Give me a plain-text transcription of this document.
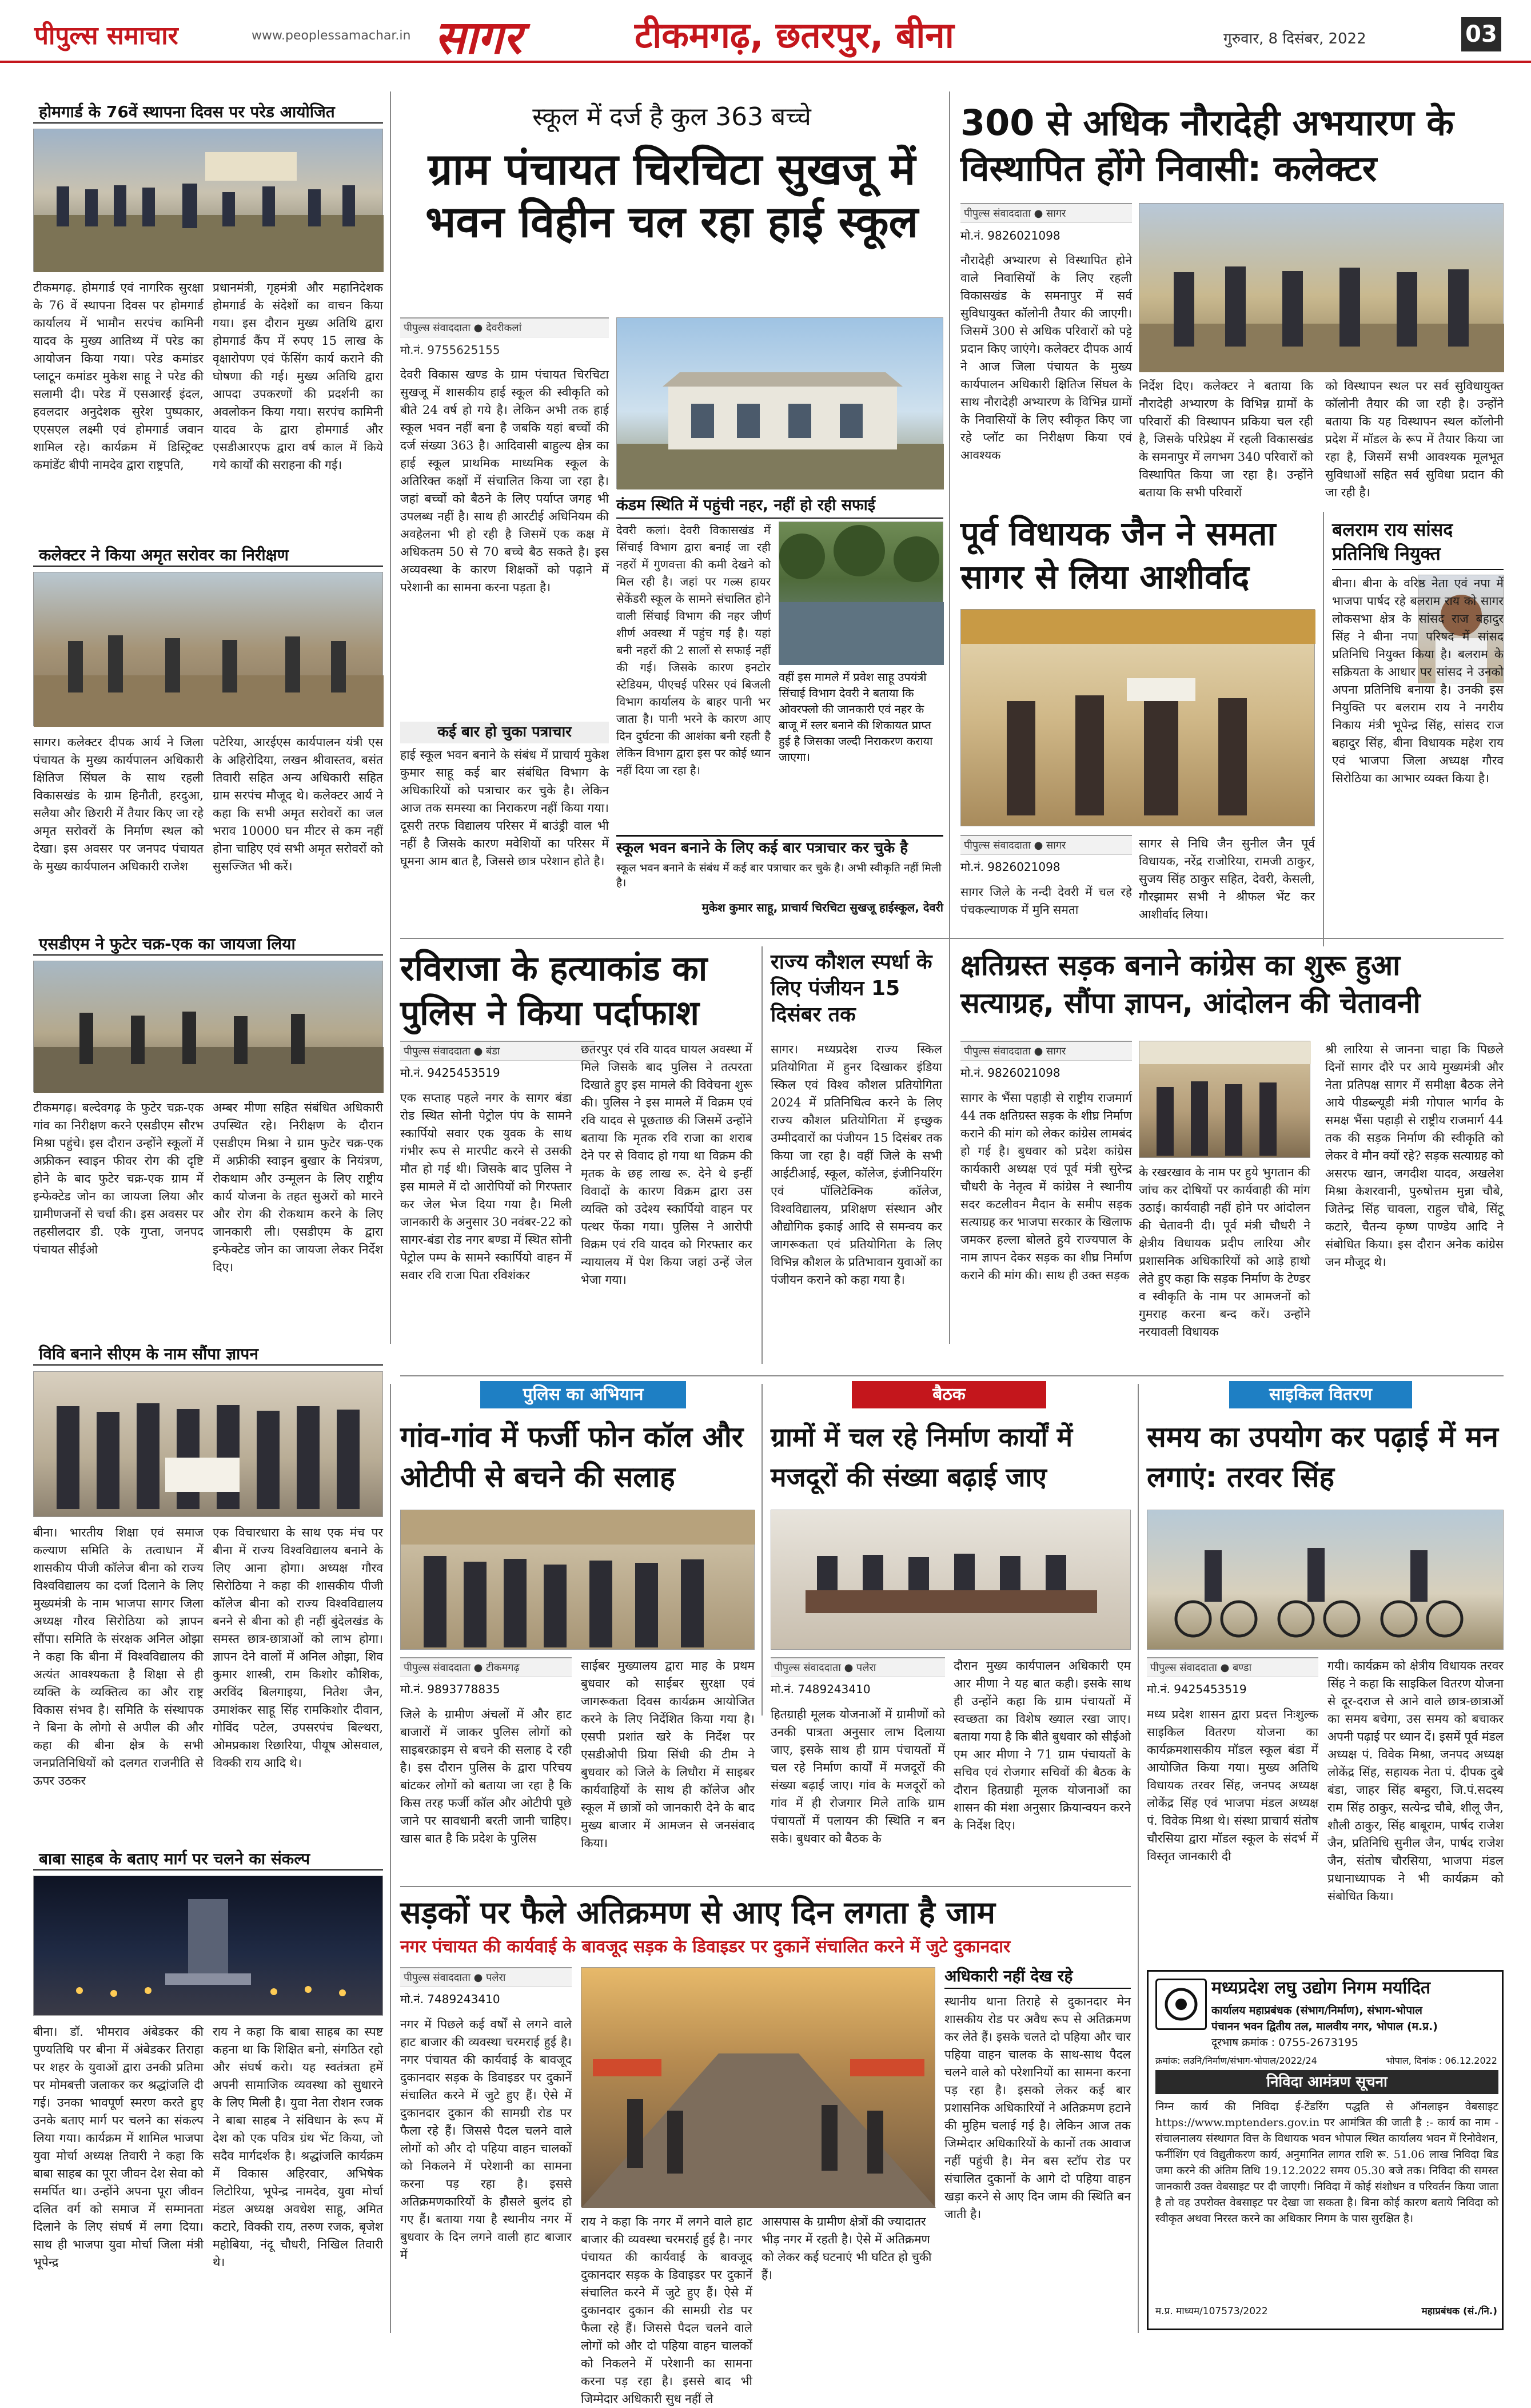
पीपुल्स समाचार	www.peoplessamachar.in सागर	टीकमगढ़, छतरपुर, बीना	गुरुवार, 8 दिसंबर, 2022	03
होमगार्ड के 76वें स्थापना दिवस पर परेड आयोजित
टीकमगढ़. होमगार्ड एवं नागरिक सुरक्षा के 76 वें स्थापना दिवस पर होमगार्ड कार्यालय में भामौन सरपंच कामिनी यादव के मुख्य आतिथ्य में परेड का आयोजन किया गया। परेड कमांडर प्लाटून कमांडर मुकेश साहू ने परेड की सलामी दी। परेड में एसआरई इंदल, हवलदार अनुदेशक सुरेश पुष्पकार, एएसएल लक्ष्मी एवं होमगार्ड जवान शामिल रहे। कार्यक्रम में डिस्ट्रिक्ट कमांडेंट बीपी नामदेव द्वारा राष्ट्रपति,
प्रधानमंत्री, गृहमंत्री और महानिदेशक होमगार्ड के संदेशों का वाचन किया गया। इस दौरान मुख्य अतिथि द्वारा होमगार्ड कैंप में रुपए 15 लाख के वृक्षारोपण एवं फेंसिंग कार्य कराने की घोषणा की गई। मुख्य अतिथि द्वारा आपदा उपकरणों की प्रदर्शनी का अवलोकन किया गया। सरपंच कामिनी यादव के द्वारा होमगार्ड और एसडीआरएफ द्वारा वर्ष काल में किये गये कार्यों की सराहना की गई।
कलेक्टर ने किया अमृत सरोवर का निरीक्षण
सागर। कलेक्टर दीपक आर्य ने जिला पंचायत के मुख्य कार्यपालन अधिकारी क्षितिज सिंघल के साथ रहली विकासखंड के ग्राम हिनौती, हरदुआ, सलैया और छिरारी में तैयार किए जा रहे अमृत सरोवरों के निर्माण स्थल को देखा। इस अवसर पर जनपद पंचायत के मुख्य कार्यपालन अधिकारी राजेश
पटेरिया, आरईएस कार्यपालन यंत्री एस के अहिरोदिया, लखन श्रीवास्तव, बसंत तिवारी सहित अन्य अधिकारी सहित ग्राम सरपंच मौजूद थे। कलेक्टर आर्य ने कहा कि सभी अमृत सरोवरों का जल भराव 10000 घन मीटर से कम नहीं होना चाहिए एवं सभी अमृत सरोवरों को सुसज्जित भी करें।
एसडीएम ने फुटेर चक्र-एक का जायजा लिया
टीकमगढ़। बल्देवगढ़ के फुटेर चक्र-एक गांव का निरीक्षण करने एसडीएम सौरभ मिश्रा पहुंचे। इस दौरान उन्होंने स्कूलों में अफ्रीकन स्वाइन फीवर रोग की दृष्टि होने के बाद फुटेर चक्र-एक ग्राम में इन्फेक्टेड जोन का जायजा लिया और ग्रामीणजनों से चर्चा की। इस अवसर पर तहसीलदार डी. एके गुप्ता, जनपद पंचायत सीईओ
अम्बर मीणा सहित संबंधित अधिकारी उपस्थित रहे। निरीक्षण के दौरान एसडीएम मिश्रा ने ग्राम फुटेर चक्र-एक में अफ्रीकी स्वाइन बुखार के नियंत्रण, रोकथाम और उन्मूलन के लिए राष्ट्रीय कार्य योजना के तहत सुअरों को मारने और रोग की रोकथाम करने के लिए जानकारी ली। एसडीएम के द्वारा इन्फेक्टेड जोन का जायजा लेकर निर्देश दिए।
विवि बनाने सीएम के नाम सौंपा ज्ञापन
बीना। भारतीय शिक्षा एवं समाज कल्याण समिति के तत्वाधान में शासकीय पीजी कॉलेज बीना को राज्य विश्वविद्यालय का दर्जा दिलाने के लिए मुख्यमंत्री के नाम भाजपा सागर जिला अध्यक्ष गौरव सिरोठिया को ज्ञापन सौंपा। समिति के संरक्षक अनिल ओझा ने कहा कि बीना में विश्वविद्यालय की अत्यंत आवश्यकता है शिक्षा से ही व्यक्ति के व्यक्तित्व का और राष्ट्र विकास संभव है। समिति के संस्थापक ने बिना के लोगो से अपील की और कहा की बीना क्षेत्र के सभी जनप्रतिनिधियों को दलगत राजनीति से ऊपर उठकर
एक विचारधारा के साथ एक मंच पर बीना में राज्य विश्वविद्यालय बनाने के लिए आना होगा। अध्यक्ष गौरव सिरोठिया ने कहा की शासकीय पीजी कॉलेज बीना को राज्य विश्वविद्यालय बनने से बीना को ही नहीं बुंदेलखंड के समस्त छात्र-छात्राओं को लाभ होगा। ज्ञापन देने वालों में अनिल ओझा, शिव कुमार शास्त्री, राम किशोर कौशिक, अरविंद बिलगाइया, नितेश जैन, उमाशंकर साहू सिंह रामकिशोर दीवान, गोविंद पटेल, उपसरपंच बिल्थरा, ओमप्रकाश रिछारिया, पीयूष ओसवाल, विक्की राय आदि थे।
बाबा साहब के बताए मार्ग पर चलने का संकल्प
बीना। डॉ. भीमराव अंबेडकर की पुण्यतिथि पर बीना में अंबेडकर तिराहा पर शहर के युवाओं द्वारा उनकी प्रतिमा पर मोमबत्ती जलाकर कर श्रद्धांजलि दी गई। उनका भावपूर्ण स्मरण करते हुए उनके बताए मार्ग पर चलने का संकल्प लिया गया। कार्यक्रम में शामिल भाजपा युवा मोर्चा अध्यक्ष तिवारी ने कहा कि बाबा साहब का पूरा जीवन देश सेवा को समर्पित था। उन्होंने अपना पूरा जीवन दलित वर्ग को समाज में सम्मानता दिलाने के लिए संघर्ष में लगा दिया। साथ ही भाजपा युवा मोर्चा जिला मंत्री भूपेन्द्र
राय ने कहा कि बाबा साहब का स्पष्ट कहना था कि शिक्षित बनो, संगठित रहो और संघर्ष करो। यह स्वतंत्रता हमें अपनी सामाजिक व्यवस्था को सुधारने के लिए मिली है। युवा नेता रोशन रजक ने बाबा साहब ने संविधान के रूप में देश को एक पवित्र ग्रंथ भेंट किया, जो सदैव मार्गदर्शक है। श्रद्धांजलि कार्यक्रम में विकास अहिरवार, अभिषेक लिटोरिया, भूपेन्द्र नामदेव, युवा मोर्चा मंडल अध्यक्ष अवधेश साहू, अमित कटारे, विक्की राय, तरुण रजक, बृजेश महोबिया, नंदू चौधरी, निखिल तिवारी थे।
स्कूल में दर्ज है कुल 363 बच्चे
ग्राम पंचायत चिरचिटा सुखजू में भवन विहीन चल रहा हाई स्कूल
पीपुल्स संवाददाता ● देवरीकलां
मो.नं. 9755625155
देवरी विकास खण्ड के ग्राम पंचायत चिरचिटा सुखजू में शासकीय हाई स्कूल की स्वीकृति को बीते 24 वर्ष हो गये है। लेकिन अभी तक हाई स्कूल भवन नहीं बना है जबकि यहां बच्चों की दर्ज संख्या 363 है। आदिवासी बाहुल्य क्षेत्र का हाई स्कूल प्राथमिक माध्यमिक स्कूल के अतिरिक्त कक्षों में संचालित किया जा रहा है। जहां बच्चों को बैठने के लिए पर्याप्त जगह भी उपलब्ध नहीं है। साथ ही आरटीई अधिनियम की अवहेलना भी हो रही है जिसमें एक कक्ष में अधिकतम 50 से 70 बच्चे बैठ सकते है। इस अव्यवस्था के कारण शिक्षकों को पढ़ाने में परेशानी का सामना करना पड़ता है।
कई बार हो चुका पत्राचार
हाई स्कूल भवन बनाने के संबंध में प्राचार्य मुकेश कुमार साहू कई बार संबंधित विभाग के अधिकारियों को पत्राचार कर चुके है। लेकिन आज तक समस्या का निराकरण नहीं किया गया। दूसरी तरफ विद्यालय परिसर में बाउंड्री वाल भी नहीं है जिसके कारण मवेशियों का परिसर में घूमना आम बात है, जिससे छात्र परेशान होते है।
कंडम स्थिति में पहुंची नहर, नहीं हो रही सफाई
देवरी कलां। देवरी विकासखंड में सिंचाई विभाग द्वारा बनाई जा रही नहरों में गुणवत्ता की कमी देखने को मिल रही है। जहां पर गल्र्स हायर सेकेंडरी स्कूल के सामने संचालित होने वाली सिंचाई विभाग की नहर जीर्ण शीर्ण अवस्था में पहुंच गई है। यहां बनी नहरों की 2 सालों से सफाई नहीं की गई। जिसके कारण इनटोर स्टेडियम, पीएचई परिसर एवं बिजली विभाग कार्यालय के बाहर पानी भर जाता है। पानी भरने के कारण आए दिन दुर्घटना की आशंका बनी रहती है लेकिन विभाग द्वारा इस पर कोई ध्यान नहीं दिया जा रहा है।
वहीं इस मामले में प्रवेश साहू उपयंत्री सिंचाई विभाग देवरी ने बताया कि ओवरफ्लो की जानकारी एवं नहर के बाजू में स्लर बनाने की शिकायत प्राप्त हुई है जिसका जल्दी निराकरण कराया जाएगा।
स्कूल भवन बनाने के लिए कई बार पत्राचार कर चुके है
स्कूल भवन बनाने के संबंध में कई बार पत्राचार कर चुके है। अभी स्वीकृति नहीं मिली है।
मुकेश कुमार साहू, प्राचार्य चिरचिटा सुखजू हाईस्कूल, देवरी
300 से अधिक नौरादेही अभयारण के विस्थापित होंगे निवासी: कलेक्टर
पीपुल्स संवाददाता ● सागर
मो.नं. 9826021098
नौरादेही अभ्यारण से विस्थापित होने वाले निवासियों के लिए रहली विकासखंड के समनापुर में सर्व सुविधायुक्त कॉलोनी तैयार की जाएगी। जिसमें 300 से अधिक परिवारों को पट्टे प्रदान किए जाएंगे। कलेक्टर दीपक आर्य ने आज जिला पंचायत के मुख्य कार्यपालन अधिकारी क्षितिज सिंघल के साथ नौरादेही अभ्यारण के विभिन्न ग्रामों के निवासियों के लिए स्वीकृत किए जा रहे प्लॉट का निरीक्षण किया एवं आवश्यक
निर्देश दिए। कलेक्टर ने बताया कि नौरादेही अभ्यारण के विभिन्न ग्रामों के परिवारों की विस्थापन प्रकिया चल रही है, जिसके परिप्रेक्ष्य में रहली विकासखंड के समनापुर में लगभग 340 परिवारों को विस्थापित किया जा रहा है। उन्होंने बताया कि सभी परिवारों
को विस्थापन स्थल पर सर्व सुविधायुक्त कॉलोनी तैयार की जा रही है। उन्होंने बताया कि यह विस्थापन स्थल कॉलोनी प्रदेश में मॉडल के रूप में तैयार किया जा रहा है, जिसमें सभी आवश्यक मूलभूत सुविधाओं सहित सर्व सुविधा प्रदान की जा रही है।
पूर्व विधायक जैन ने समता सागर से लिया आशीर्वाद
पीपुल्स संवाददाता ● सागर
मो.नं. 9826021098
सागर जिले के नन्दी देवरी में चल रहे पंचकल्याणक में मुनि समता
सागर से निधि जैन सुनील जैन पूर्व विधायक, नरेंद्र राजोरिया, रामजी ठाकुर, सुजय सिंह ठाकुर सहित, देवरी, केसली, गौरझामर सभी ने श्रीफल भेंट कर आशीर्वाद लिया।
बलराम राय सांसद प्रतिनिधि नियुक्त
बीना। बीना के वरिष्ठ नेता एवं नपा में भाजपा पार्षद रहे बलराम राय को सागर लोकसभा क्षेत्र के सांसद राज बहादुर सिंह ने बीना नपा परिषद में सांसद प्रतिनिधि नियुक्त किया है। बलराम के सक्रियता के आधार पर सांसद ने उनको अपना प्रतिनिधि बनाया है। उनकी इस नियुक्ति पर बलराम राय ने नगरीय निकाय मंत्री भूपेन्द्र सिंह, सांसद राज बहादुर सिंह, बीना विधायक महेश राय एवं भाजपा जिला अध्यक्ष गौरव सिरोठिया का आभार व्यक्त किया है।
रविराजा के हत्याकांड का पुलिस ने किया पर्दाफाश
पीपुल्स संवाददाता ● बंडा
मो.नं. 9425453519
एक सप्ताह पहले नगर के सागर बंडा रोड स्थित सोनी पेट्रोल पंप के सामने स्कार्पियो सवार एक युवक के साथ गंभीर रूप से मारपीट करने से उसकी मौत हो गई थी। जिसके बाद पुलिस ने इस मामले में दो आरोपियों को गिरफ्तार कर जेल भेज दिया गया है। मिली जानकारी के अनुसार 30 नवंबर-22 को सागर-बंडा रोड नगर बण्डा में स्थित सोनी पेट्रोल पम्प के सामने स्कार्पियो वाहन में सवार रवि राजा पिता रविशंकर
छतरपुर एवं रवि यादव घायल अवस्था में मिले जिसके बाद पुलिस ने तत्परता दिखाते हुए इस मामले की विवेचना शुरू की। पुलिस ने इस मामले में विक्रम एवं रवि यादव से पूछताछ की जिसमें उन्होंने बताया कि मृतक रवि राजा का शराब देने पर से विवाद हो गया था विक्रम की मृतक के छह लाख रू. देने थे इन्हीं विवादों के कारण विक्रम द्वारा उस व्यक्ति को उदेश्य स्कार्पियो वाहन पर पत्थर फेंका गया। पुलिस ने आरोपी विक्रम एवं रवि यादव को गिरफ्तार कर न्यायालय में पेश किया जहां उन्हें जेल भेजा गया।
राज्य कौशल स्पर्धा के लिए पंजीयन 15 दिसंबर तक
सागर। मध्यप्रदेश राज्य स्किल प्रतियोगिता में हुनर दिखाकर इंडिया स्किल एवं विश्व कौशल प्रतियोगिता 2024 में प्रतिनिधित्व करने के लिए राज्य कौशल प्रतियोगिता में इच्छुक उम्मीदवारों का पंजीयन 15 दिसंबर तक किया जा रहा है। वहीं जिले के सभी आईटीआई, स्कूल, कॉलेज, इंजीनियरिंग एवं पॉलिटेक्निक कॉलेज, विश्वविद्यालय, प्रशिक्षण संस्थान और औद्योगिक इकाई आदि से समन्वय कर जागरूकता एवं प्रतियोगिता के लिए विभिन्न कौशल के प्रतिभावान युवाओं का पंजीयन कराने को कहा गया है।
क्षतिग्रस्त सड़क बनाने कांग्रेस का शुरू हुआ सत्याग्रह, सौंपा ज्ञापन, आंदोलन की चेतावनी
पीपुल्स संवाददाता ● सागर
मो.नं. 9826021098
सागर के भैंसा पहाड़ी से राष्ट्रीय राजमार्ग 44 तक क्षतिग्रस्त सड़क के शीघ्र निर्माण कराने की मांग को लेकर कांग्रेस लामबंद हो गई है। बुधवार को प्रदेश कांग्रेस कार्यकारी अध्यक्ष एवं पूर्व मंत्री सुरेन्द्र चौधरी के नेतृत्व में कांग्रेस ने स्थानीय सदर कटलीवन मैदान के समीप सड़क सत्याग्रह कर भाजपा सरकार के खिलाफ जमकर हल्ला बोलते हुये राज्यपाल के नाम ज्ञापन देकर सड़क का शीघ्र निर्माण कराने की मांग की। साथ ही उक्त सड़क
के रखरखाव के नाम पर हुये भुगतान की जांच कर दोषियों पर कार्यवाही की मांग उठाई। कार्यवाही नहीं होने पर आंदोलन की चेतावनी दी। पूर्व मंत्री चौधरी ने क्षेत्रीय विधायक प्रदीप लारिया और प्रशासनिक अधिकारियों को आड़े हाथो लेते हुए कहा कि सड़क निर्माण के टेण्डर व स्वीकृति के नाम पर आमजनों को गुमराह करना बन्द करें। उन्होंने नरयावली विधायक
श्री लारिया से जानना चाहा कि पिछले दिनों सागर दौरे पर आये मुख्यमंत्री और नेता प्रतिपक्ष सागर में समीक्षा बैठक लेने आये पीडब्ल्यूडी मंत्री गोपाल भार्गव के समक्ष भैंसा पहाड़ी से राष्ट्रीय राजमार्ग 44 तक की सड़क निर्माण की स्वीकृति को लेकर वे मौन क्यों रहे? सड़क सत्याग्रह को असरफ खान, जगदीश यादव, अखलेश मिश्रा केशरवानी, पुरुषोत्तम मुन्ना चौबे, जितेन्द्र सिंह चावला, राहुल चौबे, सिंटू कटारे, चैतन्य कृष्ण पाण्डेय आदि ने संबोधित किया। इस दौरान अनेक कांग्रेस जन मौजूद थे।
पुलिस का अभियान
गांव-गांव में फर्जी फोन कॉल और ओटीपी से बचने की सलाह
पीपुल्स संवाददाता ● टीकमगढ़
मो.नं. 9893778835
जिले के ग्रामीण अंचलों में और हाट बाजारों में जाकर पुलिस लोगों को साइबरक्राइम से बचने की सलाह दे रही है। इस दौरान पुलिस के द्वारा परिचय बांटकर लोगों को बताया जा रहा है कि किस तरह फर्जी कॉल और ओटीपी पूछे जाने पर सावधानी बरती जानी चाहिए। खास बात है कि प्रदेश के पुलिस
साईबर मुख्यालय द्वारा माह के प्रथम बुधवार को साईबर सुरक्षा एवं जागरूकता दिवस कार्यक्रम आयोजित करने के लिए निर्देशित किया गया है। एसपी प्रशांत खरे के निर्देश पर एसडीओपी प्रिया सिंधी की टीम ने बुधवार को जिले के लिधौरा में साइबर कार्यवाहियों के साथ ही कॉलेज और स्कूल में छात्रों को जानकारी देने के बाद मुख्य बाजार में आमजन से जनसंवाद किया।
बैठक
ग्रामों में चल रहे निर्माण कार्यों में मजदूरों की संख्या बढ़ाई जाए
पीपुल्स संवाददाता ● पलेरा
मो.नं. 7489243410
हितग्राही मूलक योजनाओं में ग्रामीणों को उनकी पात्रता अनुसार लाभ दिलाया जाए, इसके साथ ही ग्राम पंचायतों में चल रहे निर्माण कार्यों में मजदूरों की संख्या बढ़ाई जाए। गांव के मजदूरों को गांव में ही रोजगार मिले ताकि ग्राम पंचायतों में पलायन की स्थिति न बन सके। बुधवार को बैठक के
दौरान मुख्य कार्यपालन अधिकारी एम आर मीणा ने यह बात कही। इसके साथ ही उन्होंने कहा कि ग्राम पंचायतों में स्वच्छता का विशेष ख्याल रखा जाए। बताया गया है कि बीते बुधवार को सीईओ एम आर मीणा ने 71 ग्राम पंचायतों के सचिव एवं रोजगार सचिवों की बैठक के दौरान हितग्राही मूलक योजनाओं का शासन की मंशा अनुसार क्रियान्वयन करने के निर्देश दिए।
साइकिल वितरण
समय का उपयोग कर पढ़ाई में मन लगाएं: तरवर सिंह
पीपुल्स संवाददाता ● बण्डा
मो.नं. 9425453519
मध्य प्रदेश शासन द्वारा प्रदत्त निःशुल्क साइकिल वितरण योजना का कार्यक्रमशासकीय मॉडल स्कूल बंडा में आयोजित किया गया। मुख्य अतिथि विधायक तरवर सिंह, जनपद अध्यक्ष लोकेंद्र सिंह एवं भाजपा मंडल अध्यक्ष पं. विवेक मिश्रा थे। संस्था प्राचार्य संतोष चौरसिया द्वारा मॉडल स्कूल के संदर्भ में विस्तृत जानकारी दी
गयी। कार्यक्रम को क्षेत्रीय विधायक तरवर सिंह ने कहा कि साइकिल वितरण योजना से दूर-दराज से आने वाले छात्र-छात्राओं का समय बचेगा, उस समय को बचाकर अपनी पढ़ाई पर ध्यान दें। इसमें पूर्व मंडल अध्यक्ष पं. विवेक मिश्रा, जनपद अध्यक्ष लोकेंद्र सिंह, सहायक नेता पं. दीपक दुबे बंडा, जाहर सिंह बम्हुरा, जि.पं.सदस्य राम सिंह ठाकुर, सत्येन्द्र चौबे, शीलू जैन, शौली ठाकुर, सिंह बाबूराम, पार्षद राजेश जैन, प्रतिनिधि सुनील जैन, पार्षद राजेश जैन, संतोष चौरसिया, भाजपा मंडल प्रधानाध्यापक ने भी कार्यक्रम को संबोधित किया।
सड़कों पर फैले अतिक्रमण से आए दिन लगता है जाम
नगर पंचायत की कार्यवाई के बावजूद सड़क के डिवाइडर पर दुकानें संचालित करने में जुटे दुकानदार
पीपुल्स संवाददाता ● पलेरा
मो.नं. 7489243410
नगर में पिछले कई वर्षों से लगने वाले हाट बाजार की व्यवस्था चरमराई हुई है। नगर पंचायत की कार्यवाई के बावजूद दुकानदार सड़क के डिवाइडर पर दुकानें संचालित करने में जुटे हुए हैं। ऐसे में दुकानदार दुकान की सामग्री रोड पर फैला रहे हैं। जिससे पैदल चलने वाले लोगों को और दो पहिया वाहन चालकों को निकलने में परेशानी का सामना करना पड़ रहा है। इससे अतिक्रमणकारियों के हौसले बुलंद हो गए हैं। बताया गया है स्थानीय नगर में बुधवार के दिन लगने वाली हाट बाजार में
राय ने कहा कि नगर में लगने वाले हाट बाजार की व्यवस्था चरमराई हुई है। नगर पंचायत की कार्यवाई के बावजूद दुकानदार सड़क के डिवाइडर पर दुकानें संचालित करने में जुटे हुए हैं। ऐसे में दुकानदार दुकान की सामग्री रोड पर फैला रहे हैं। जिससे पैदल चलने वाले लोगों को और दो पहिया वाहन चालकों को निकलने में परेशानी का सामना करना पड़ रहा है। इससे बाद भी जिम्मेदार अधिकारी सुध नहीं ले
आसपास के ग्रामीण क्षेत्रों की ज्यादातर भीड़ नगर में रहती है। ऐसे में अतिक्रमण को लेकर कई घटनाएं भी घटित हो चुकी हैं।
अधिकारी नहीं देख रहे
स्थानीय थाना तिराहे से दुकानदार मेन शासकीय रोड पर अवैध रूप से अतिक्रमण कर लेते हैं। इसके चलते दो पहिया और चार पहिया वाहन चालक के साथ-साथ पैदल चलने वाले को परेशानियों का सामना करना पड़ रहा है। इसको लेकर कई बार प्रशासनिक अधिकारियों ने अतिक्रमण हटाने की मुहिम चलाई गई है। लेकिन आज तक जिम्मेदार अधिकारियों के कानों तक आवाज नहीं पहुंची है। मेन बस स्टॉप रोड पर संचालित दुकानों के आगे दो पहिया वाहन खड़ा करने से आए दिन जाम की स्थिति बन जाती है।
मध्यप्रदेश लघु उद्योग निगम मर्यादित
कार्यालय महाप्रबंधक (संभाग/निर्माण), संभाग-भोपाल
पंचानन भवन द्वितीय तल, मालवीय नगर, भोपाल (म.प्र.)
दूरभाष क्रमांक : 0755-2673195
क्रमांक: लउनि/निर्माण/संभाग-भोपाल/2022/24	भोपाल, दिनांक : 06.12.2022
निविदा आमंत्रण सूचना
निम्न कार्य की निविदा ई-टेंडरिंग पद्धति से ऑनलाइन वेबसाइट https://www.mptenders.gov.in पर आमंत्रित की जाती है :- कार्य का नाम - संचालनालय संस्थागत वित्त के विधायक भवन भोपाल स्थित कार्यालय भवन में रिनोवेशन, फर्नीशिंग एवं विद्युतीकरण कार्य, अनुमानित लागत राशि रू. 51.06 लाख निविदा बिड जमा करने की अंतिम तिथि 19.12.2022 समय 05.30 बजे तक। निविदा की समस्त जानकारी उक्त वेबसाइट पर दी जाएगी। निविदा में कोई संशोधन व परिवर्तन किया जाता है तो वह उपरोक्त वेबसाइट पर देखा जा सकता है। बिना कोई कारण बताये निविदा को स्वीकृत अथवा निरस्त करने का अधिकार निगम के पास सुरक्षित है।
म.प्र. माध्यम/107573/2022	महाप्रबंधक (सं./नि.)
